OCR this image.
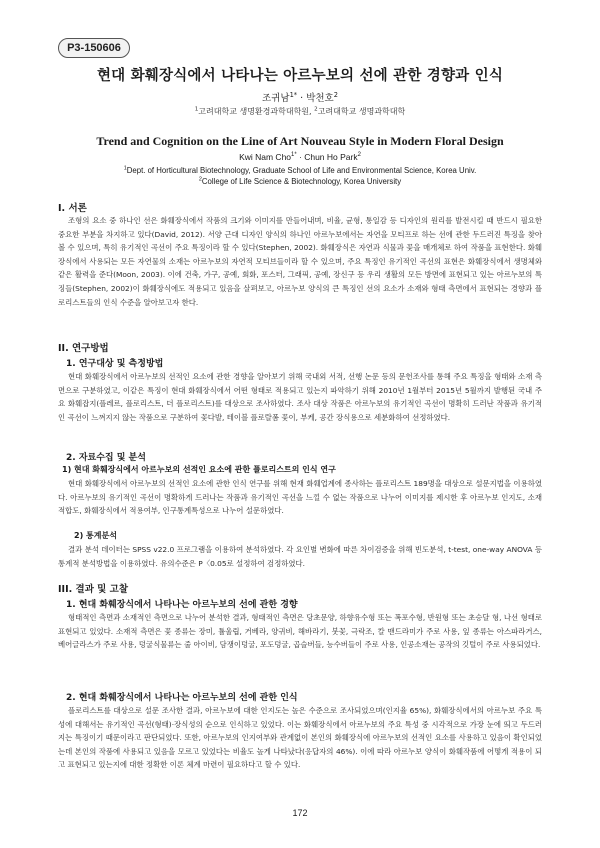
P3-150606
현대 화훼장식에서 나타나는 아르누보의 선에 관한 경향과 인식
조귀남$^{1*}$ · 박천호$^2$
$^1$고려대학교 생명환경과학대학원, $^2$고려대학교 생명과학대학
Trend and Cognition on the Line of Art Nouveau Style in Modern Floral Design
Kwi Nam Cho$^{1*}$ · Chun Ho Park$^2$
$^1$Dept. of Horticultural Biotechnology, Graduate School of Life and Environmental Science, Korea Univ.
$^2$College of Life Science & Biotechnology, Korea University
I. 서론
조형의 요소 중 하나인 선은 화훼장식에서 작품의 크기와 이미지를 만들어내며, 비율, 균형, 통일감 등 디자인의 원리를 발전시킬 때 반드시 필요한 중요한 부분을 차지하고 있다(David, 2012). 서양 근대 디자인 양식의 하나인 아르누보에서는 자연을 모티프로 하는 선에 관한 두드러진 특징을 찾아 볼 수 있으며, 특히 유기적인 곡선이 주요 특징이라 할 수 있다(Stephen, 2002). 화훼장식은 자연과 식물과 꽃을 매개체로 하여 작품을 표현한다. 화훼장식에서 사용되는 모든 자연물의 소재는 아르누보의 자연적 모티브들이라 할 수 있으며, 주요 특징인 유기적인 곡선의 표현은 화훼장식에서 생명체와 같은 활력을 준다(Moon, 2003). 이에 건축, 가구, 공예, 회화, 포스터, 그래픽, 공예, 장신구 등 우리 생활의 모든 방면에 표현되고 있는 아르누보의 특징들(Stephen, 2002)이 화훼장식에도 적용되고 있음을 살펴보고, 아르누보 양식의 큰 특징인 선의 요소가 소재와 형태 측면에서 표현되는 경향과 플로리스트들의 인식 수준을 알아보고자 한다.
II. 연구방법
1. 연구대상 및 측정방법
현대 화훼장식에서 아르누보의 선적인 요소에 관한 경향을 알아보기 위해 국내외 서적, 선행 논문 등의 문헌조사를 통해 주요 특징을 형태와 소재 측면으로 구분하였고, 이같은 특징이 현대 화훼장식에서 어떤 형태로 적용되고 있는지 파악하기 위해 2010년 1월부터 2015년 5월까지 발행된 국내 주요 화훼잡지(플레르, 플로리스트, 더 플로리스트)를 대상으로 조사하였다. 조사 대상 작품은 아르누보의 유기적인 곡선이 명확히 드러난 작품과 유기적인 곡선이 느껴지지 않는 작품으로 구분하여 꽃다발, 테이블 플로랄폼 꽃이, 부케, 공간 장식용으로 세분화하여 선정하였다.
2. 자료수집 및 분석
1) 현대 화훼장식에서 아르누보의 선적인 요소에 관한 플로리스트의 인식 연구
현대 화훼장식에서 아르누보의 선적인 요소에 관한 인식 연구를 위해 현재 화훼업계에 종사하는 플로리스트 189명을 대상으로 설문지법을 이용하였다. 아르누보의 유기적인 곡선이 명확하게 드러나는 작품과 유기적인 곡선을 느낄 수 없는 작품으로 나누어 이미지를 제시한 후 아르누보 인지도, 소재 적합도, 화훼장식에서 적용여부, 인구통계특성으로 나누어 설문하였다.
2) 통계분석
결과 분석 데이터는 SPSS v22.0 프로그램을 이용하여 분석하였다. 각 요인별 변화에 따른 차이검증을 위해 빈도분석, t-test, one-way ANOVA 등 통계적 분석방법을 이용하였다. 유의수준은 P〈0.05로 설정하여 검정하였다.
III. 결과 및 고찰
1. 현대 화훼장식에서 나타나는 아르누보의 선에 관한 경향
형태적인 측면과 소재적인 측면으로 나누어 분석한 결과, 형태적인 측면은 당초문양, 하향유수형 또는 폭포수형, 반원형 또는 초승달 형, 나선 형태로 표현되고 있었다. 소재적 측면은 꽃 종류는 장미, 튤울립, 거베라, 양귀비, 해바라기, 붓꽃, 극락조, 칼 맨드라미가 주로 사용, 잎 종류는 아스파라거스, 베어글라스가 주로 사용, 덩굴식물류는 줄 아이비, 담쟁이덩굴, 포도덩굴, 곱슬버들, 능수버들이 주로 사용, 인공소재는 공작의 깃털이 주로 사용되었다.
2. 현대 화훼장식에서 나타나는 아르누보의 선에 관한 인식
플로리스트를 대상으로 설문 조사한 결과, 아르누보에 대한 인지도는 높은 수준으로 조사되었으며(인지율 65%), 화훼장식에서의 아르누보 주요 특성에 대해서는 유기적인 곡선(형태)·장식성의 순으로 인식하고 있었다. 이는 화훼장식에서 아르누보의 주요 특성 중 시각적으로 가장 눈에 띄고 두드러지는 특징이기 때문이라고 판단되었다. 또한, 아르누보의 인지여부와 관계없이 본인의 화훼장식에 아르누보의 선적인 요소를 사용하고 있음이 확인되었는데 본인의 작품에 사용되고 있음을 모르고 있었다는 비율도 높게 나타났다(응답자의 46%). 이에 따라 아르누보 양식이 화훼작품에 어떻게 적용이 되고 표현되고 있는지에 대한 정확한 이론 체계 마련이 필요하다고 할 수 있다.
172
